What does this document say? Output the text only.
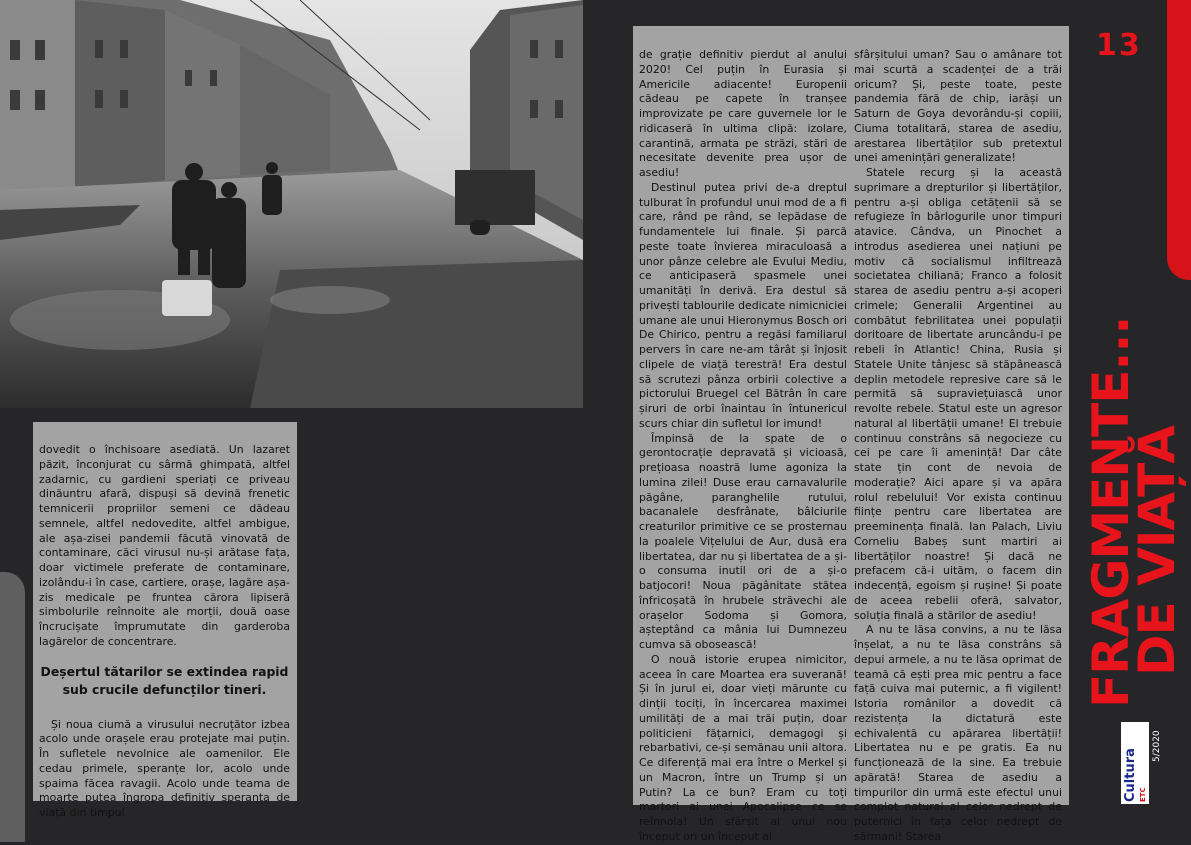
dovedit o închisoare asediată. Un lazaret păzit, înconjurat cu sârmă ghimpată, altfel zadarnic, cu gardieni speriați ce priveau dinăuntru afară, dispuși să devină frenetic temnicerii propriilor semeni ce dădeau semnele, altfel nedovedite, altfel ambigue, ale așa-zisei pandemii făcută vinovată de contaminare, căci virusul nu-și arătase fața, doar victimele preferate de contaminare, izolându-i în case, cartiere, orașe, lagăre așa-zis medicale pe fruntea cărora lipiseră simbolurile reînnoite ale morții, două oase încrucișate împrumutate din garderoba lagărelor de concentrare.

Deșertul tătarilor se extindea rapid sub crucile defuncților tineri.

Și noua ciumă a virusului necruțător izbea acolo unde orașele erau protejate mai puțin. În sufletele nevolnice ale oamenilor. Ele cedau primele, speranțe lor, acolo unde spaima făcea ravagii. Acolo unde teama de moarte putea îngropa definitiv speranța de viață din timpul

de grație definitiv pierdut al anului 2020! Cel puțin în Eurasia și Americile adiacente! Europenii cădeau pe capete în tranșee improvizate pe care guvernele lor le ridicaseră în ultima clipă: izolare, carantină, armata pe străzi, stări de necesitate devenite prea ușor de asediu!

Destinul putea privi de-a dreptul tulburat în profundul unui mod de a fi care, rând pe rând, se lepădase de fundamentele lui finale. Și parcă peste toate învierea miraculoasă a unor pânze celebre ale Evului Mediu, ce anticipaseră spasmele unei umanități în derivă. Era destul să privești tablourile dedicate nimicniciei umane ale unui Hieronymus Bosch ori De Chirico, pentru a regăsi familiarul pervers în care ne-am târât și înjosit clipele de viață terestră! Era destul să scrutezi pânza orbirii colective a pictorului Bruegel cel Bătrân în care șiruri de orbi înaintau în întunericul scurs chiar din sufletul lor imund!

Împinsă de la spate de o gerontocrație depravată și vicioasă, prețioasa noastră lume agoniza la lumina zilei! Duse erau carnavalurile păgâne, paranghelile rutului, bacanalele desfrânate, bâlciurile creaturilor primitive ce se prosternau la poalele Vițelului de Aur, dusă era libertatea, dar nu și libertatea de a și-o consuma inutil ori de a și-o batjocori! Noua păgânitate stătea înfricoșată în hrubele străvechi ale orașelor Sodoma și Gomora, așteptând ca mânia lui Dumnezeu cumva să obosească!

O nouă istorie erupea nimicitor, aceea în care Moartea era suverană! Și în jurul ei, doar vieți mărunte cu dinții tociți, în încercarea maximei umilități de a mai trăi puțin, doar politicieni fățarnici, demagogi și rebarbativi, ce-și semănau unii altora. Ce diferență mai era între o Merkel și un Macron, între un Trump și un Putin? La ce bun? Eram cu toți martori ai unei Apocalipse ce se reînnoia! Un sfârșit al unui nou început ori un început al

sfârșitului uman? Sau o amânare tot mai scurtă a scadenței de a trăi oricum? Și, peste toate, peste pandemia fără de chip, iarăși un Saturn de Goya devorându-și copiii, Ciuma totalitară, starea de asediu, arestarea libertăților sub pretextul unei amenințări generalizate!

Statele recurg și la această suprimare a drepturilor și libertăților, pentru a-și obliga cetățenii să se refugieze în bârlogurile unor timpuri atavice. Cândva, un Pinochet a introdus asedierea unei națiuni pe motiv că socialismul infiltrează societatea chiliană; Franco a folosit starea de asediu pentru a-și acoperi crimele; Generalii Argentinei au combătut febrilitatea unei populații doritoare de libertate aruncându-i pe rebeli în Atlantic! China, Rusia și Statele Unite tânjesc să stăpânească deplin metodele represive care să le permită să supraviețuiască unor revolte rebele. Statul este un agresor natural al libertății umane! El trebuie continuu constrâns să negocieze cu cei pe care îi amenință! Dar câte state țin cont de nevoia de moderație? Aici apare și va apăra rolul rebelului! Vor exista continuu ființe pentru care libertatea are preeminența finală. Ian Palach, Liviu Corneliu Babeș sunt martiri ai libertăților noastre! Și dacă ne prefacem că-i uităm, o facem din indecență, egoism și rușine! Și poate de aceea rebelii oferă, salvator, soluția finală a stărilor de asediu!

A nu te lăsa convins, a nu te lăsa înșelat, a nu te lăsa constrâns să depui armele, a nu te lăsa oprimat de teamă că ești prea mic pentru a face față cuiva mai puternic, a fi vigilent! Istoria românilor a dovedit că rezistența la dictatură este echivalentă cu apărarea libertății! Libertatea nu e pe gratis. Ea nu funcționează de la sine. Ea trebuie apărată! Starea de asediu a timpurilor din urmă este efectul unui complot natural al celor nedrept de puternici în fața celor nedrept de sărmani! Starea

13
FRAGMENTE...
DE VIAȚĂ
Cultura ETC
5/2020
